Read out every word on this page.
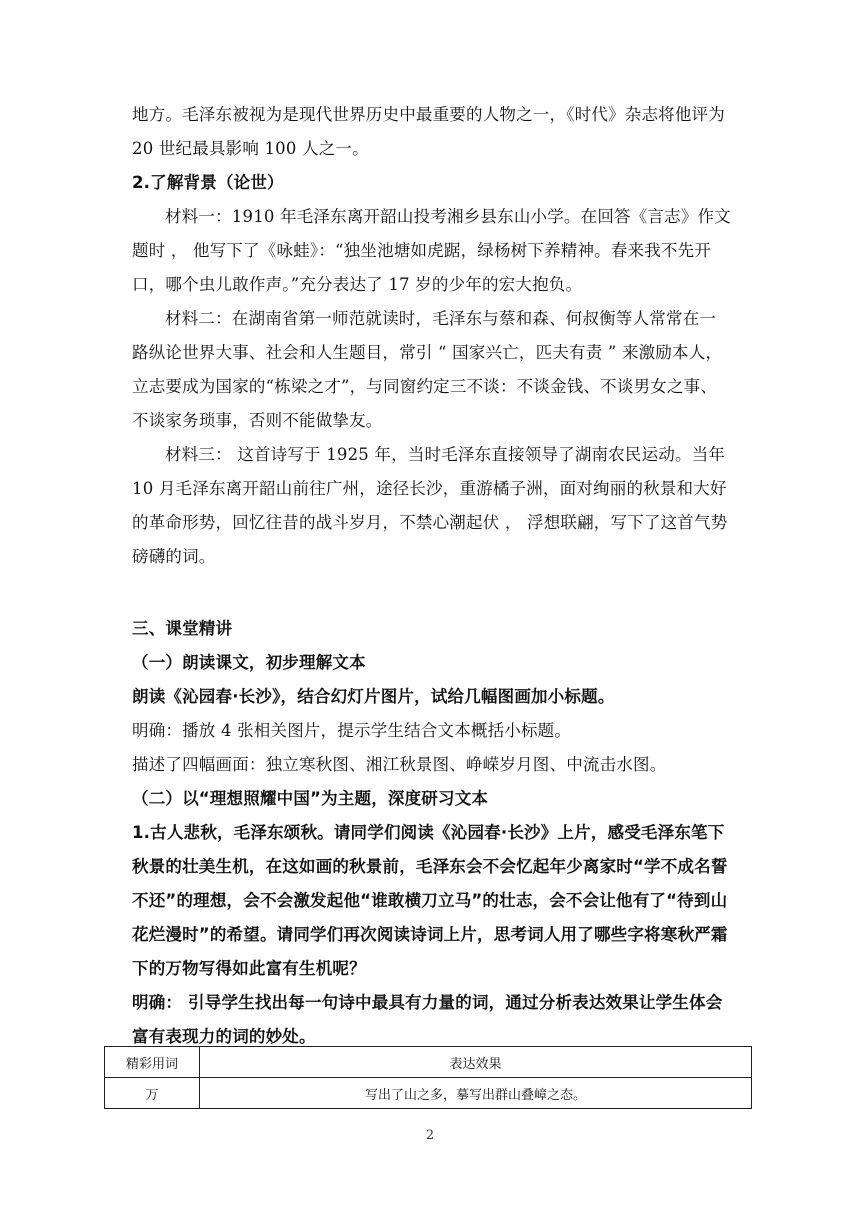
地方。毛泽东被视为是现代世界历史中最重要的人物之一，《时代》杂志将他评为 20 世纪最具影响 100 人之一。

2.了解背景（论世）

材料一：1910 年毛泽东离开韶山投考湘乡县东山小学。在回答《言志》作文题时 ， 他写下了《咏蛙》：“独坐池塘如虎踞，绿杨树下养精神。春来我不先开口，哪个虫儿敢作声。”充分表达了 17 岁的少年的宏大抱负。

材料二：在湖南省第一师范就读时，毛泽东与蔡和森、何叔衡等人常常在一路纵论世界大事、社会和人生题目，常引 “ 国家兴亡，匹夫有责 ” 来激励本人，立志要成为国家的“栋梁之才”，与同窗约定三不谈：不谈金钱、不谈男女之事、不谈家务琐事，否则不能做挚友。

材料三： 这首诗写于 1925 年，当时毛泽东直接领导了湖南农民运动。当年 10 月毛泽东离开韶山前往广州，途径长沙，重游橘子洲，面对绚丽的秋景和大好的革命形势，回忆往昔的战斗岁月，不禁心潮起伏 ， 浮想联翩，写下了这首气势磅礴的词。

三、课堂精讲

（一）朗读课文，初步理解文本

朗读《沁园春·长沙》，结合幻灯片图片，试给几幅图画加小标题。

明确：播放 4 张相关图片，提示学生结合文本概括小标题。

描述了四幅画面：独立寒秋图、湘江秋景图、峥嵘岁月图、中流击水图。

（二）以“理想照耀中国”为主题，深度研习文本

1.古人悲秋，毛泽东颂秋。请同学们阅读《沁园春·长沙》上片，感受毛泽东笔下秋景的壮美生机，在这如画的秋景前，毛泽东会不会忆起年少离家时“学不成名誓不还”的理想，会不会激发起他“谁敢横刀立马”的壮志，会不会让他有了“待到山花烂漫时”的希望。请同学们再次阅读诗词上片，思考词人用了哪些字将寒秋严霜下的万物写得如此富有生机呢？

明确： 引导学生找出每一句诗中最具有力量的词，通过分析表达效果让学生体会富有表现力的词的妙处。

精彩用词	表达效果
万	写出了山之多，摹写出群山叠嶂之态。
2
